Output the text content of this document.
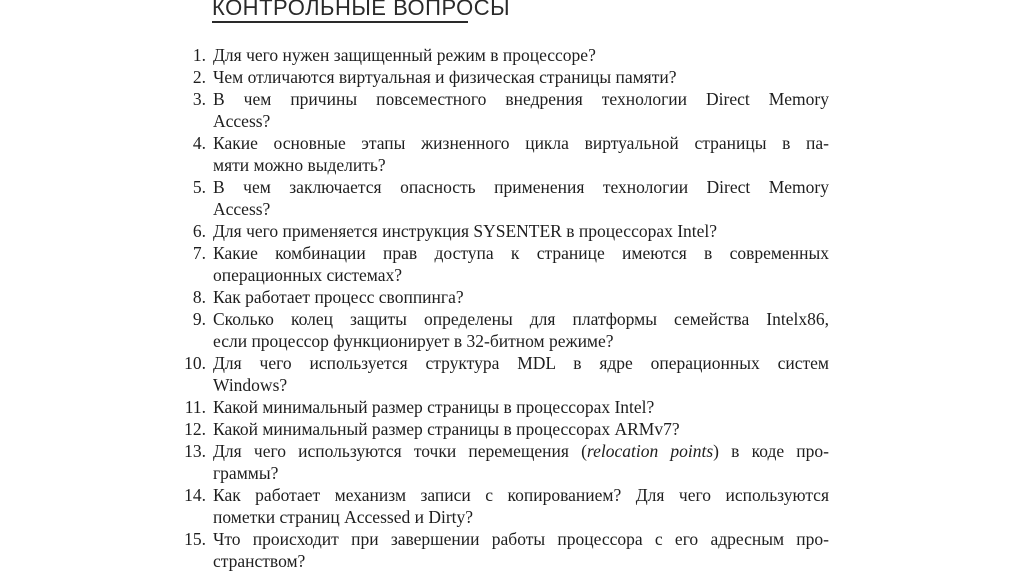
КОНТРОЛЬНЫЕ ВОПРОСЫ
1. Для чего нужен защищенный режим в процессоре?
2. Чем отличаются виртуальная и физическая страницы памяти?
3. В чем причины повсеместного внедрения технологии Direct Memory
Access?
4. Какие основные этапы жизненного цикла виртуальной страницы в па-
мяти можно выделить?
5. В чем заключается опасность применения технологии Direct Memory
Access?
6. Для чего применяется инструкция SYSENTER в процессорах Intel?
7. Какие комбинации прав доступа к странице имеются в современных
операционных системах?
8. Как работает процесс своппинга?
9. Сколько колец защиты определены для платформы семейства Intelx86,
если процессор функционирует в 32-битном режиме?
10. Для чего используется структура MDL в ядре операционных систем
Windows?
11. Какой минимальный размер страницы в процессорах Intel?
12. Какой минимальный размер страницы в процессорах ARMv7?
13. Для чего используются точки перемещения (relocation points) в коде про-
граммы?
14. Как работает механизм записи с копированием? Для чего используются
пометки страниц Accessed и Dirty?
15. Что происходит при завершении работы процессора с его адресным про-
странством?
